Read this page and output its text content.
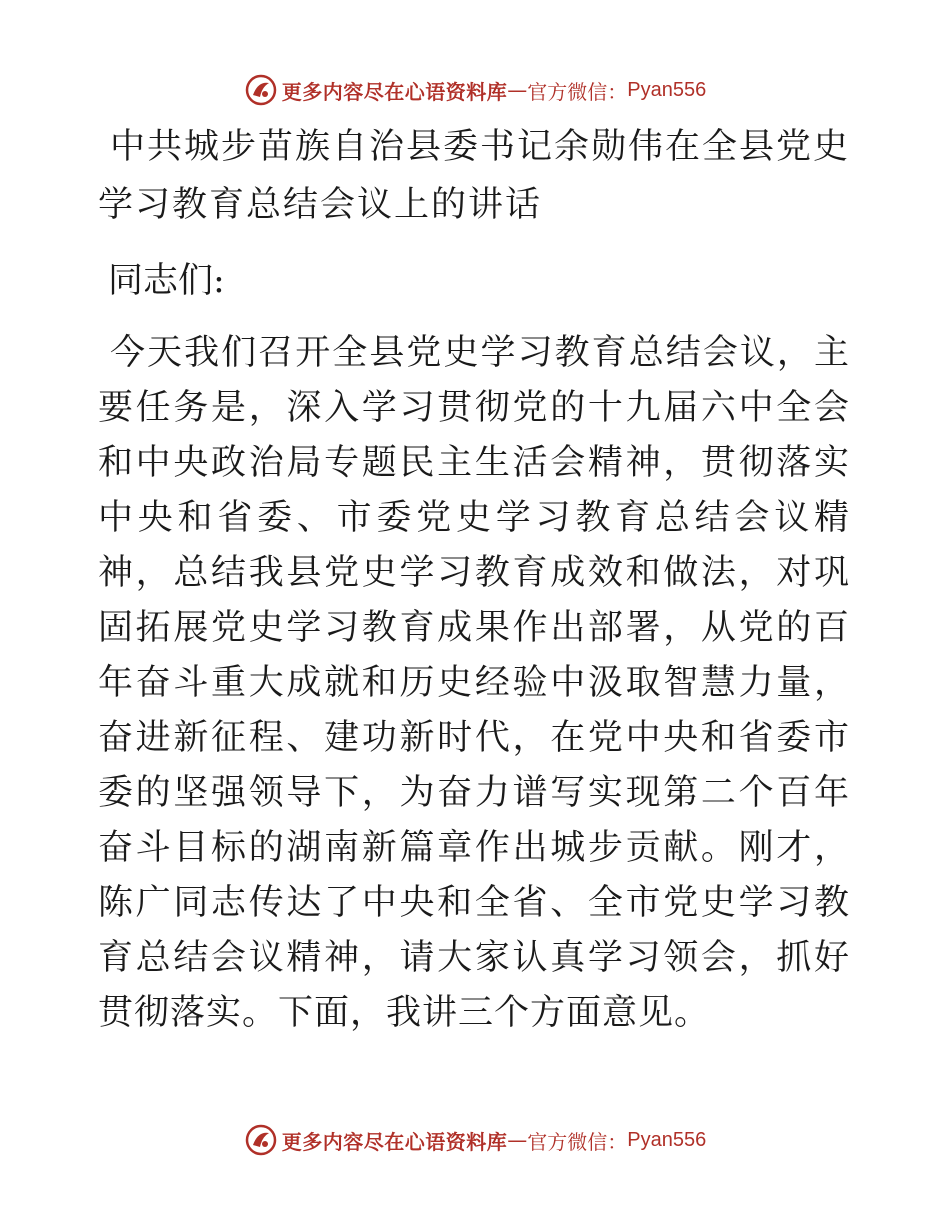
更多内容尽在心语资料库 — 官方微信： Pyan556
中共城步苗族自治县委书记余勋伟在全县党史学习教育总结会议上的讲话

同志们:

今天我们召开全县党史学习教育总结会议，主要任务是，深入学习贯彻党的十九届六中全会和中央政治局专题民主生活会精神，贯彻落实中央和省委、市委党史学习教育总结会议精神，总结我县党史学习教育成效和做法，对巩固拓展党史学习教育成果作出部署，从党的百年奋斗重大成就和历史经验中汲取智慧力量，奋进新征程、建功新时代，在党中央和省委市委的坚强领导下，为奋力谱写实现第二个百年奋斗目标的湖南新篇章作出城步贡献。刚才，陈广同志传达了中央和全省、全市党史学习教育总结会议精神，请大家认真学习领会，抓好贯彻落实。下面，我讲三个方面意见。

更多内容尽在心语资料库 — 官方微信： Pyan556
